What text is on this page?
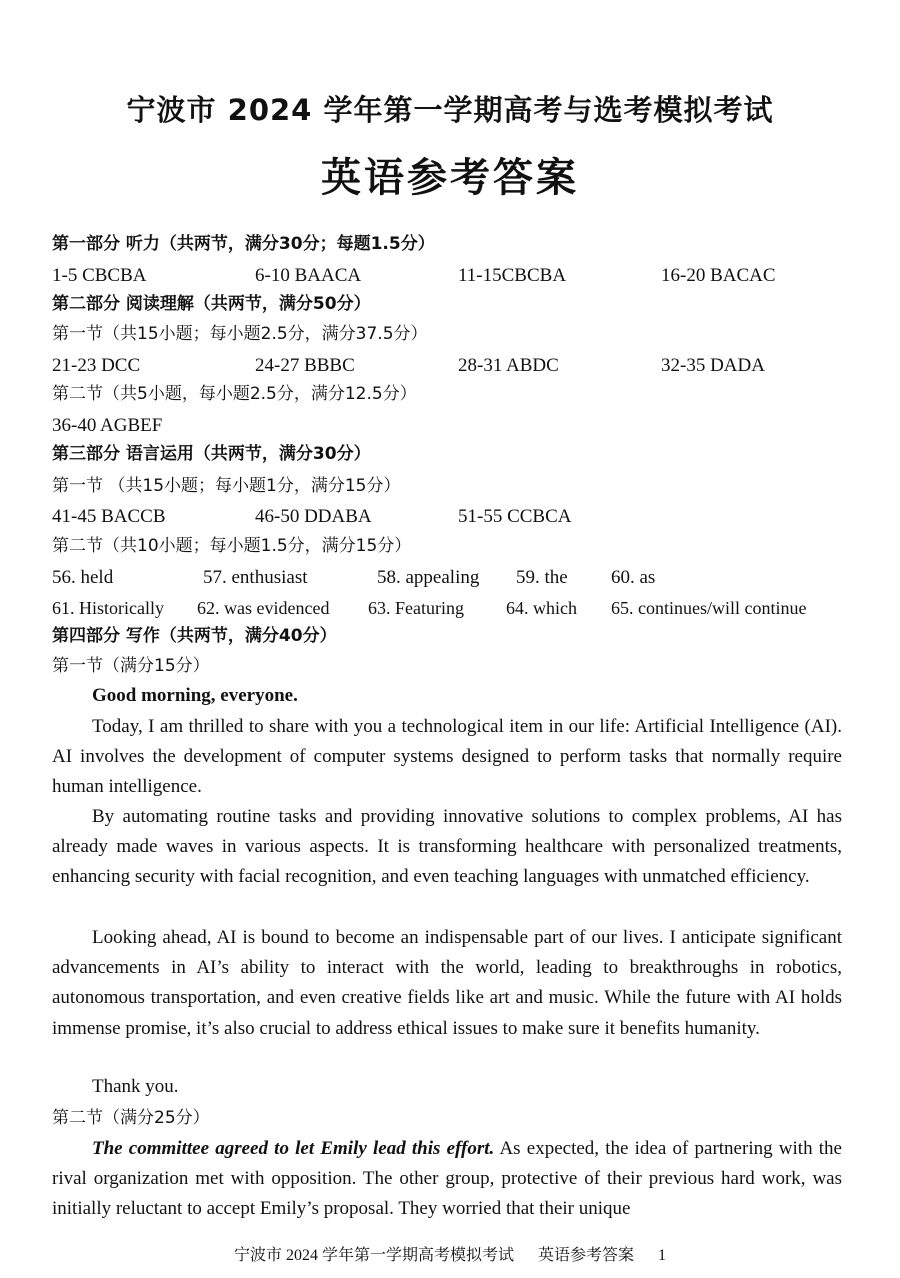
宁波市 2024 学年第一学期高考与选考模拟考试
英语参考答案
第一部分 听力（共两节，满分30分；每题1.5分）
1-5 CBCBA	6-10 BAACA	11-15CBCBA	16-20 BACAC
第二部分 阅读理解（共两节，满分50分）
第一节（共15小题；每小题2.5分，满分37.5分）
21-23 DCC	24-27 BBBC	28-31 ABDC	32-35 DADA
第二节（共5小题，每小题2.5分，满分12.5分）
36-40 AGBEF
第三部分 语言运用（共两节，满分30分）
第一节 （共15小题；每小题1分，满分15分）
41-45 BACCB	46-50 DDABA	51-55 CCBCA
第二节（共10小题；每小题1.5分，满分15分）
56. held	57. enthusiast	58. appealing 59. the 60. as
61. Historically 62. was evidenced 63. Featuring 64. which 65. continues/will continue
第四部分 写作（共两节，满分40分）
第一节（满分15分）
Good morning, everyone.
Today, I am thrilled to share with you a technological item in our life: Artificial Intelligence (AI). AI involves the development of computer systems designed to perform tasks that normally require human intelligence.
By automating routine tasks and providing innovative solutions to complex problems, AI has already made waves in various aspects. It is transforming healthcare with personalized treatments, enhancing security with facial recognition, and even teaching languages with unmatched efficiency.
Looking ahead, AI is bound to become an indispensable part of our lives. I anticipate significant advancements in AI’s ability to interact with the world, leading to breakthroughs in robotics, autonomous transportation, and even creative fields like art and music. While the future with AI holds immense promise, it’s also crucial to address ethical issues to make sure it benefits humanity.
Thank you.
第二节（满分25分）
The committee agreed to let Emily lead this effort. As expected, the idea of partnering with the rival organization met with opposition. The other group, protective of their previous hard work, was initially reluctant to accept Emily’s proposal. They worried that their unique
宁波市 2024 学年第一学期高考模拟考试 英语参考答案 1
